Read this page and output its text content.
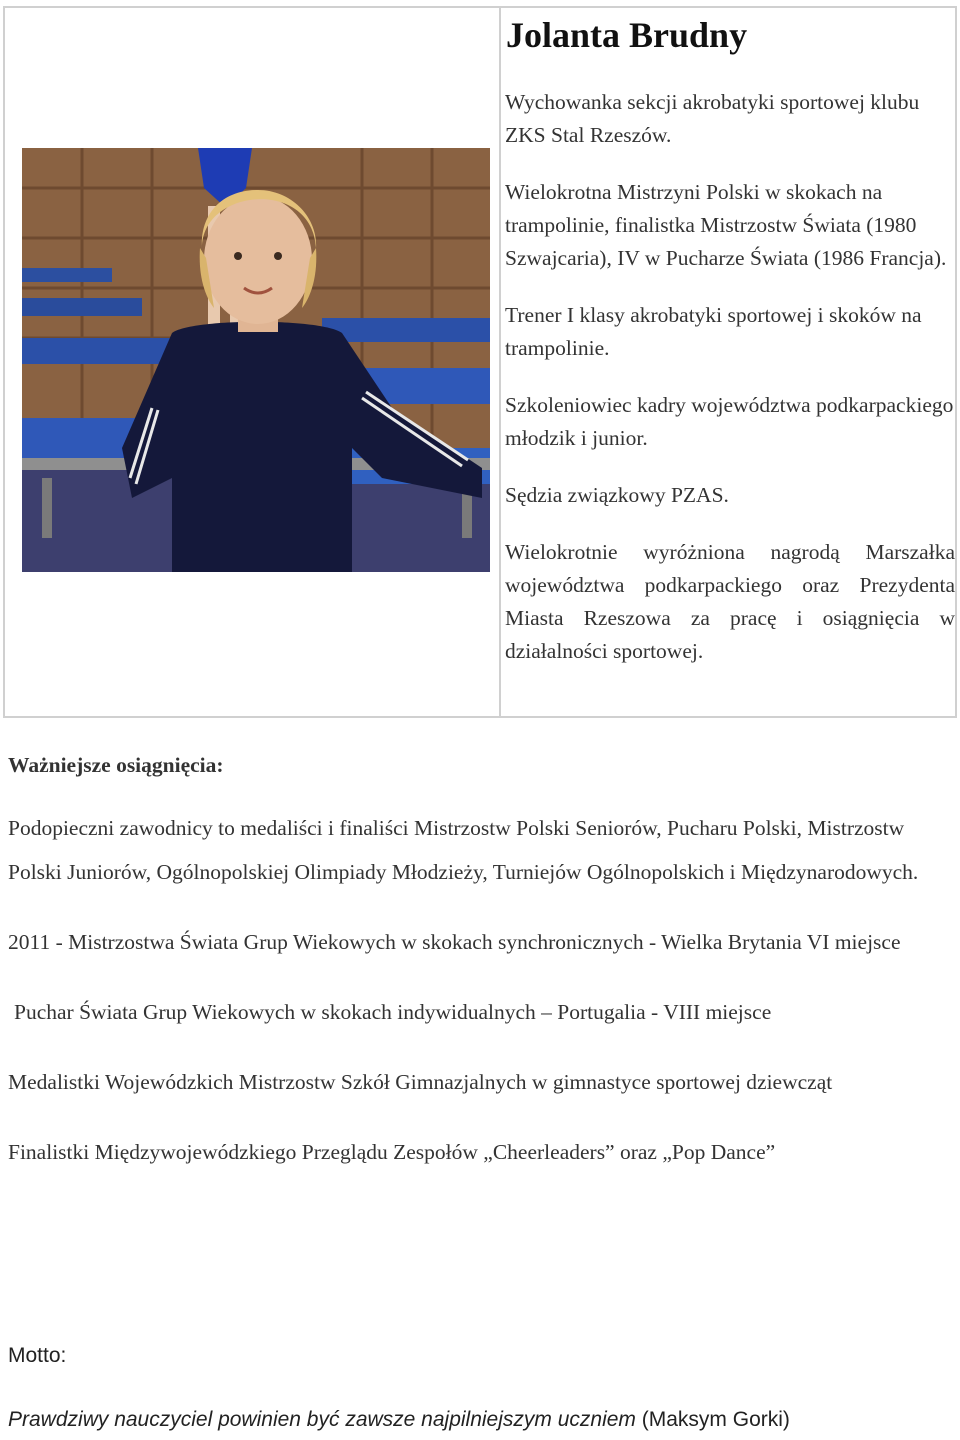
Jolanta Brudny

Wychowanka sekcji akrobatyki sportowej klubu ZKS Stal Rzeszów.

Wielokrotna Mistrzyni Polski w skokach na trampolinie, finalistka Mistrzostw Świata (1980 Szwajcaria), IV w Pucharze Świata (1986 Francja).

Trener I klasy akrobatyki sportowej i skoków na trampolinie.

Szkoleniowiec kadry województwa podkarpackiego młodzik i junior.

Sędzia związkowy PZAS.

Wielokrotnie wyróżniona nagrodą Marszałka województwa podkarpackiego oraz Prezydenta Miasta Rzeszowa za pracę i osiągnięcia w działalności sportowej.

Ważniejsze osiągnięcia:

Podopieczni zawodnicy to medaliści i finaliści Mistrzostw Polski Seniorów, Pucharu Polski, Mistrzostw Polski Juniorów, Ogólnopolskiej Olimpiady Młodzieży, Turniejów Ogólnopolskich i Międzynarodowych.

2011 - Mistrzostwa Świata Grup Wiekowych w skokach synchronicznych - Wielka Brytania VI miejsce

Puchar Świata Grup Wiekowych w skokach indywidualnych – Portugalia - VIII miejsce

Medalistki Wojewódzkich Mistrzostw Szkół Gimnazjalnych w gimnastyce sportowej dziewcząt

Finalistki Międzywojewódzkiego Przeglądu Zespołów „Cheerleaders” oraz „Pop Dance”

Motto:

Prawdziwy nauczyciel powinien być zawsze najpilniejszym uczniem (Maksym Gorki)
